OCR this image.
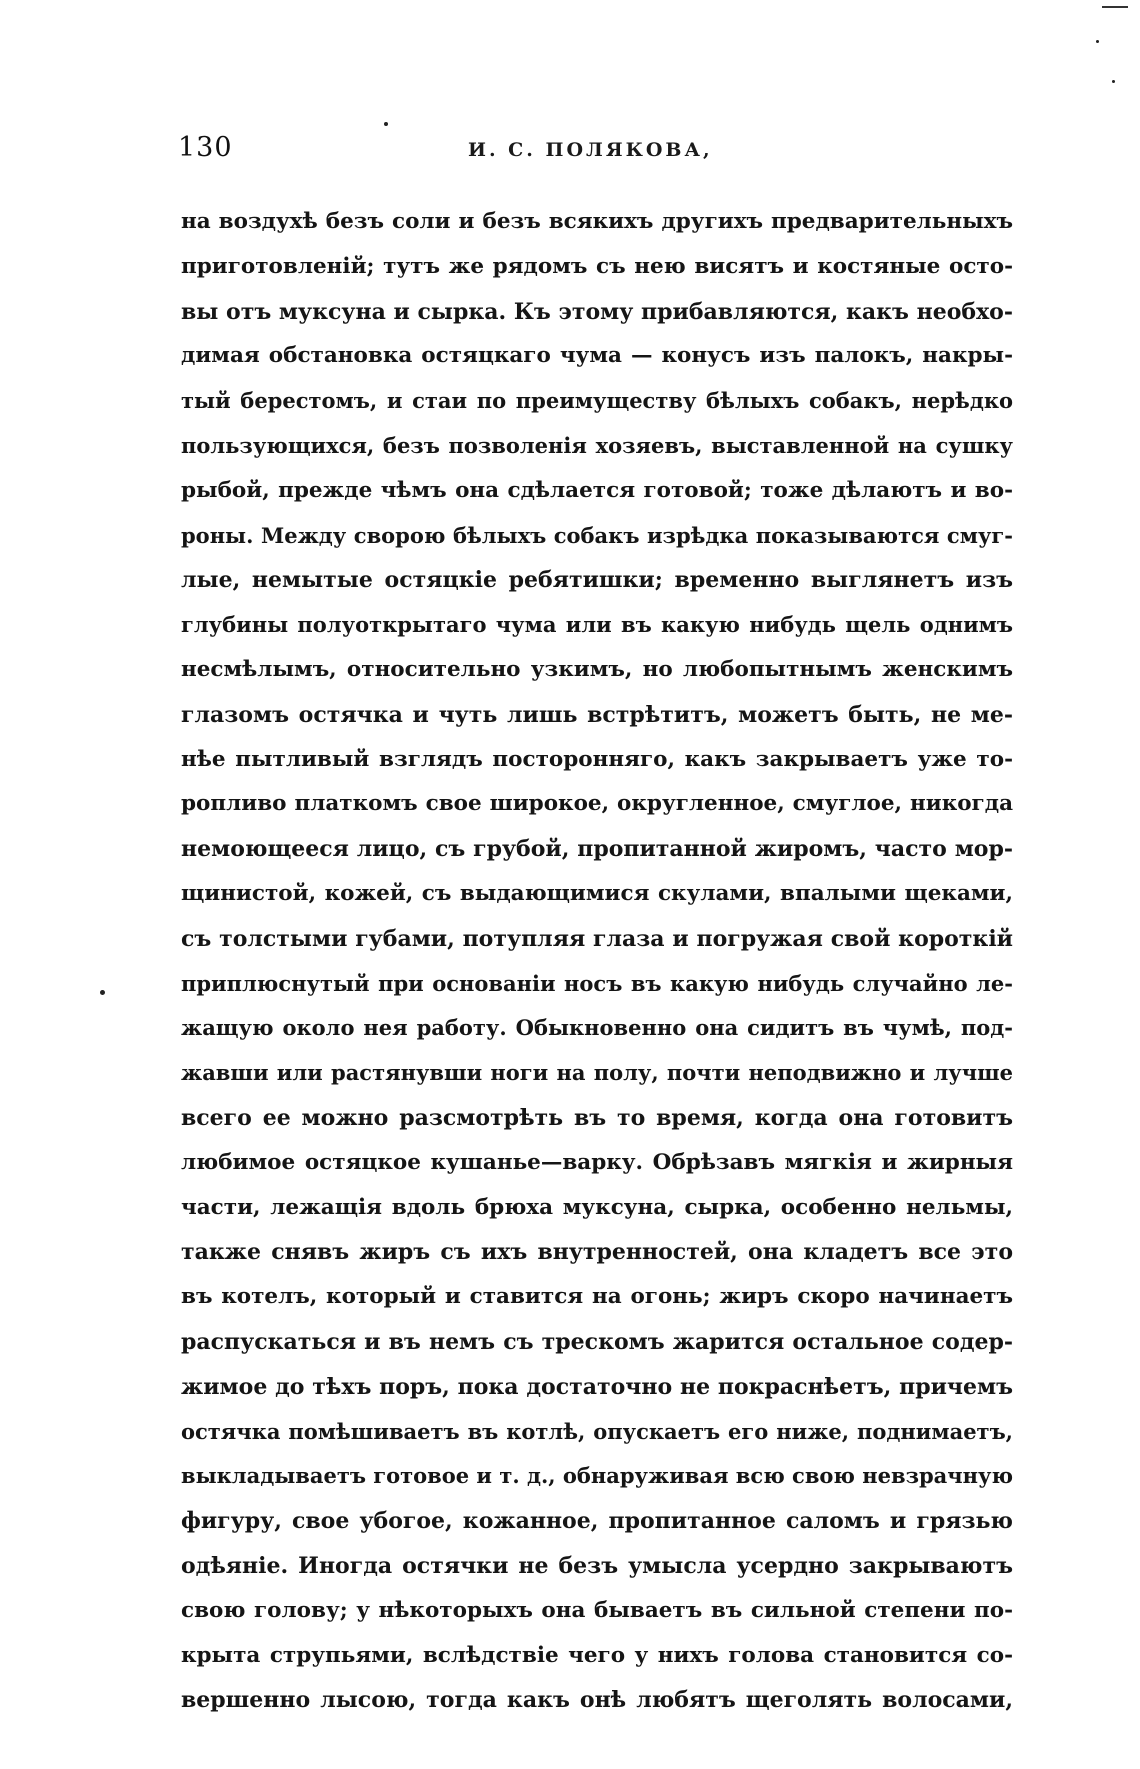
130	И. С. ПОЛЯКОВА,
на воздухѣ безъ соли и безъ всякихъ другихъ предварительныхъ
приготовленій; тутъ же рядомъ съ нею висятъ и костяные осто-
вы отъ муксуна и сырка. Къ этому прибавляются, какъ необхо-
димая обстановка остяцкаго чума — конусъ изъ палокъ, накры-
тый берестомъ, и стаи по преимуществу бѣлыхъ собакъ, нерѣдко
пользующихся, безъ позволенія хозяевъ, выставленной на сушку
рыбой, прежде чѣмъ она сдѣлается готовой; тоже дѣлаютъ и во-
роны. Между сворою бѣлыхъ собакъ изрѣдка показываются смуг-
лые, немытые остяцкіе ребятишки; временно выглянетъ изъ
глубины полуоткрытаго чума или въ какую нибудь щель однимъ
несмѣлымъ, относительно узкимъ, но любопытнымъ женскимъ
глазомъ остячка и чуть лишь встрѣтитъ, можетъ быть, не ме-
нѣе пытливый взглядъ посторонняго, какъ закрываетъ уже то-
ропливо платкомъ свое широкое, округленное, смуглое, никогда
немоющееся лицо, съ грубой, пропитанной жиромъ, часто мор-
щинистой, кожей, съ выдающимися скулами, впалыми щеками,
съ толстыми губами, потупляя глаза и погружая свой короткій
приплюснутый при основаніи носъ въ какую нибудь случайно ле-
жащую около нея работу. Обыкновенно она сидитъ въ чумѣ, под-
жавши или растянувши ноги на полу, почти неподвижно и лучше
всего ее можно разсмотрѣть въ то время, когда она готовитъ
любимое остяцкое кушанье—варку. Обрѣзавъ мягкія и жирныя
части, лежащія вдоль брюха муксуна, сырка, особенно нельмы,
также снявъ жиръ съ ихъ внутренностей, она кладетъ все это
въ котелъ, который и ставится на огонь; жиръ скоро начинаетъ
распускаться и въ немъ съ трескомъ жарится остальное содер-
жимое до тѣхъ поръ, пока достаточно не покраснѣетъ, причемъ
остячка помѣшиваетъ въ котлѣ, опускаетъ его ниже, поднимаетъ,
выкладываетъ готовое и т. д., обнаруживая всю свою невзрачную
фигуру, свое убогое, кожанное, пропитанное саломъ и грязью
одѣяніе. Иногда остячки не безъ умысла усердно закрываютъ
свою голову; у нѣкоторыхъ она бываетъ въ сильной степени по-
крыта струпьями, вслѣдствіе чего у нихъ голова становится со-
вершенно лысою, тогда какъ онѣ любятъ щеголять волосами,
